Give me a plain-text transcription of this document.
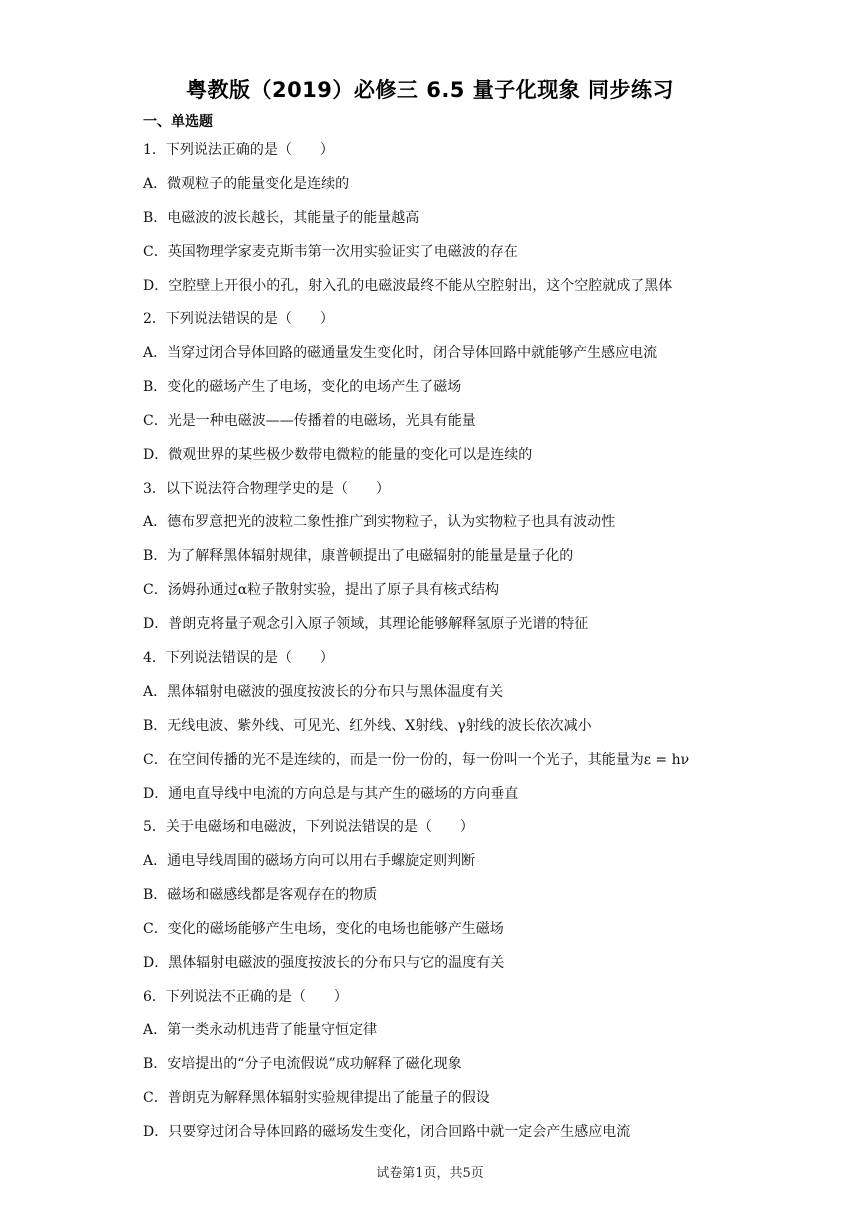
粤教版（2019）必修三 6.5 量子化现象 同步练习
一、单选题
1．下列说法正确的是（　　）
A．微观粒子的能量变化是连续的
B．电磁波的波长越长，其能量子的能量越高
C．英国物理学家麦克斯韦第一次用实验证实了电磁波的存在
D．空腔壁上开很小的孔，射入孔的电磁波最终不能从空腔射出，这个空腔就成了黑体
2．下列说法错误的是（　　）
A．当穿过闭合导体回路的磁通量发生变化时，闭合导体回路中就能够产生感应电流
B．变化的磁场产生了电场，变化的电场产生了磁场
C．光是一种电磁波——传播着的电磁场，光具有能量
D．微观世界的某些极少数带电微粒的能量的变化可以是连续的
3．以下说法符合物理学史的是（　　）
A．德布罗意把光的波粒二象性推广到实物粒子，认为实物粒子也具有波动性
B．为了解释黑体辐射规律，康普顿提出了电磁辐射的能量是量子化的
C．汤姆孙通过α粒子散射实验，提出了原子具有核式结构
D．普朗克将量子观念引入原子领域，其理论能够解释氢原子光谱的特征
4．下列说法错误的是（　　）
A．黑体辐射电磁波的强度按波长的分布只与黑体温度有关
B．无线电波、紫外线、可见光、红外线、X射线、γ射线的波长依次减小
C．在空间传播的光不是连续的，而是一份一份的，每一份叫一个光子，其能量为ε = hν
D．通电直导线中电流的方向总是与其产生的磁场的方向垂直
5．关于电磁场和电磁波，下列说法错误的是（　　）
A．通电导线周围的磁场方向可以用右手螺旋定则判断
B．磁场和磁感线都是客观存在的物质
C．变化的磁场能够产生电场，变化的电场也能够产生磁场
D．黑体辐射电磁波的强度按波长的分布只与它的温度有关
6．下列说法不正确的是（　　）
A．第一类永动机违背了能量守恒定律
B．安培提出的“分子电流假说”成功解释了磁化现象
C．普朗克为解释黑体辐射实验规律提出了能量子的假设
D．只要穿过闭合导体回路的磁场发生变化，闭合回路中就一定会产生感应电流
试卷第1页，共5页
